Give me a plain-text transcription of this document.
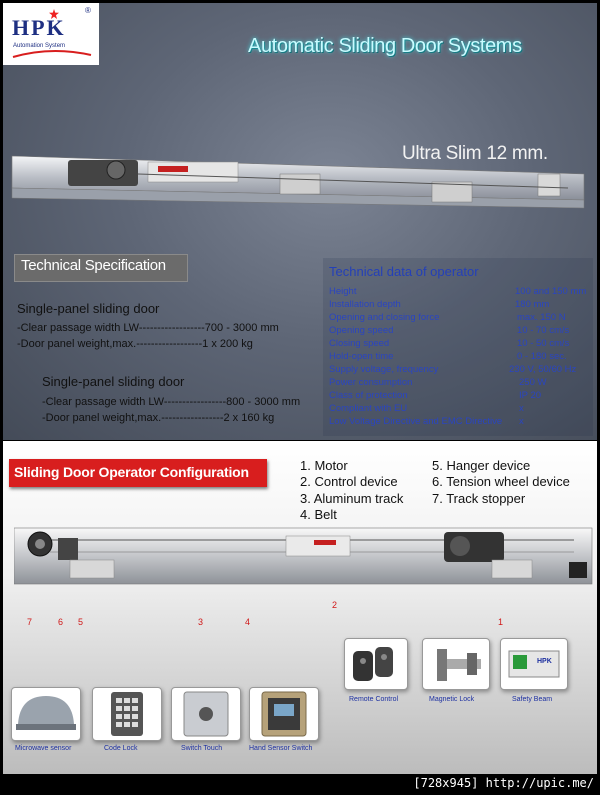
HPK
®
Automation System	Automatic Sliding Door Systems
Ultra Slim 12 mm.
Technical Specification
Single-panel sliding door
-Clear passage width LW------------------700 - 3000 mm
-Door panel weight,max.------------------1 x 200 kg
Single-panel sliding door
-Clear passage width LW-----------------800 - 3000 mm
-Door panel weight,max.-----------------2 x 160 kg
Technical data of operator
Height	100 and 150 mm
Installation depth	180 mm
Opening and closing force	max. 150 N
Opening speed	10 - 70 cm/s
Closing speed	10 - 50 cm/s
Hold-open time	0 - 180 sec.
Supply voltage, frequency	230 V, 50/60 Hz
Power consumption	250 W
Class of protection	IP 20
Compliant with EU	x
Low Voltage Directive and EMC Directive x
Sliding Door Operator Configuration	1. Motor
2. Control device
3. Aluminum track
4. Belt
5. Hanger device
6. Tension wheel device
7. Track stopper
7	6 5	3	4
2
1
Remote Control	Magnetic Lock
HPK
Safety Beam
Microwave sensor	Code Lock	Switch Touch	Hand Sensor Switch
[728x945] http://upic.me/
